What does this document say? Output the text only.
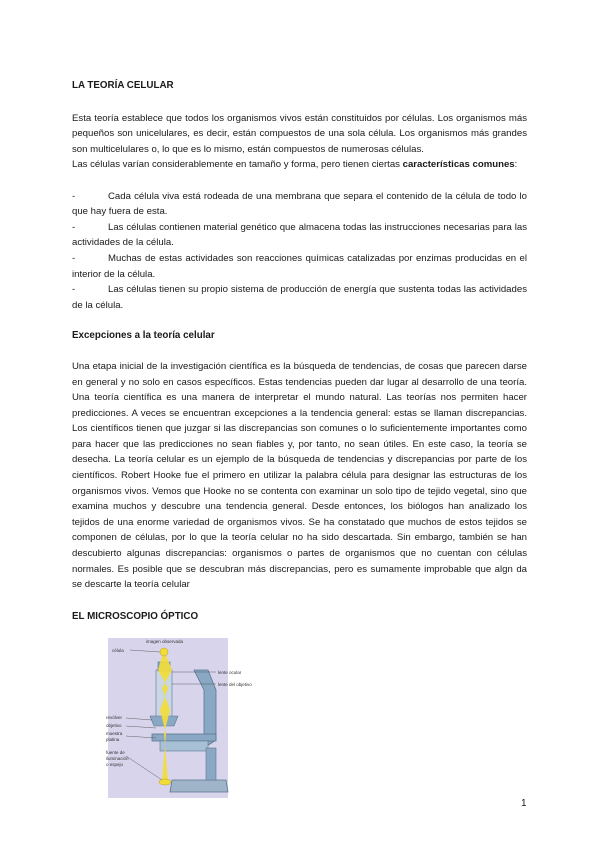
LA TEORÍA CELULAR

Esta teoría establece que todos los organismos vivos están constituidos por células. Los organismos más pequeños son unicelulares, es decir, están compuestos de una sola célula. Los organismos más grandes son multicelulares o, lo que es lo mismo, están compuestos de numerosas células.

Las células varían considerablemente en tamaño y forma, pero tienen ciertas características comunes:

-	Cada célula viva está rodeada de una membrana que separa el contenido de la célula de todo lo que hay fuera de esta.
-	Las células contienen material genético que almacena todas las instrucciones necesarias para las actividades de la célula.
-	Muchas de estas actividades son reacciones químicas catalizadas por enzimas producidas en el interior de la célula.
-	Las células tienen su propio sistema de producción de energía que sustenta todas las actividades de la célula.
Excepciones a la teoría celular

Una etapa inicial de la investigación científica es la búsqueda de tendencias, de cosas que parecen darse en general y no solo en casos específicos. Estas tendencias pueden dar lugar al desarrollo de una teoría. Una teoría científica es una manera de interpretar el mundo natural. Las teorías nos permiten hacer predicciones. A veces se encuentran excepciones a la tendencia general: estas se llaman discrepancias. Los científicos tienen que juzgar si las discrepancias son comunes o lo suficientemente importantes como para hacer que las predicciones no sean fiables y, por tanto, no sean útiles. En este caso, la teoría se desecha. La teoría celular es un ejemplo de la búsqueda de tendencias y discrepancias por parte de los científicos. Robert Hooke fue el primero en utilizar la palabra célula para designar las estructuras de los organismos vivos. Vemos que Hooke no se contenta con examinar un solo tipo de tejido vegetal, sino que examina muchos y descubre una tendencia general. Desde entonces, los biólogos han analizado los tejidos de una enorme variedad de organismos vivos. Se ha constatado que muchos de estos tejidos se componen de células, por lo que la teoría celular no ha sido descartada. Sin embargo, también se han descubierto algunas discrepancias: organismos o partes de organismos que no cuentan con células normales. Es posible que se descubran más discrepancias, pero es sumamente improbable que algn da se descarte la teoría celular

EL MICROSCOPIO ÓPTICO
imagen observada
célula
lente ocular
lente del objetivo
revólver
objetivo
muestra
platina
fuente de
iluminación
o espejo
1
